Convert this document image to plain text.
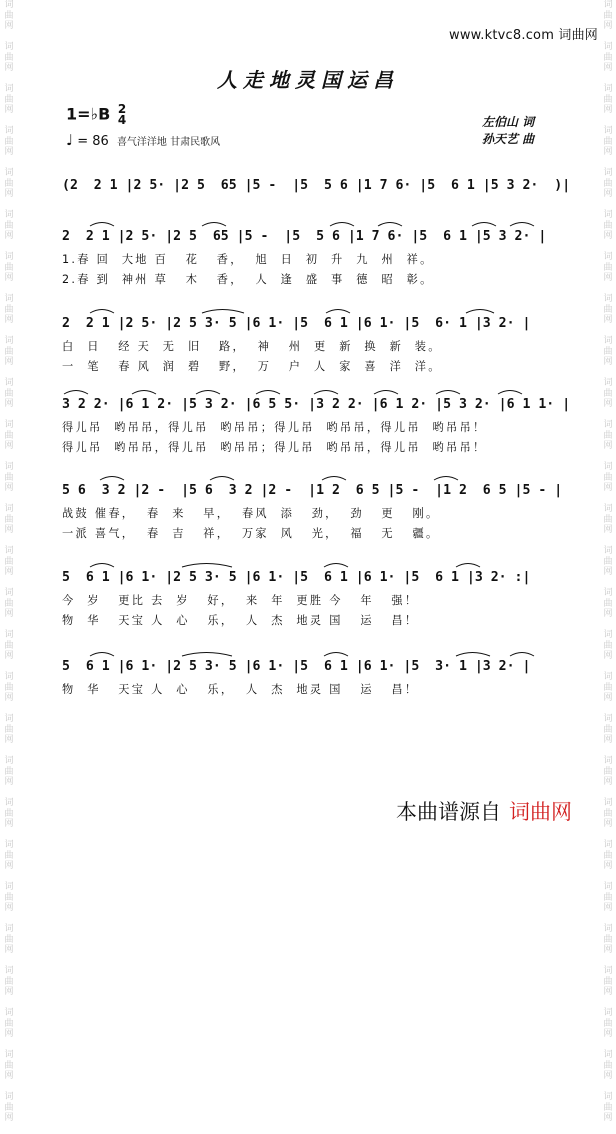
词
曲
网

词
曲
网

词
曲
网

词
曲
网

词
曲
网

词
曲
网

词
曲
网

词
曲
网

词
曲
网

词
曲
网

词
曲
网

词
曲
网

词
曲
网

词
曲
网

词
曲
网

词
曲
网

词
曲
网

词
曲
网

词
曲
网

词
曲
网

词
曲
网

词
曲
网

词
曲
网

词
曲
网

词
曲
网

词
曲
网

词
曲
网

词
曲
网

词
曲
网

词
曲
网

词
曲
网

词
曲
网

词
曲
网

词
曲
网

词
曲
网

词
曲
网

词
曲
网

词
曲
网

词
曲
网

词
曲
网

词
曲
网

词
曲
网

词
曲
网

词
曲
网

词
曲
网

词
曲
网

词
曲
网

词
曲
网

词
曲
网

词
曲
网

词
曲
网

词
曲
网

词
曲
网

词
曲
网

www.ktvc8.com 词曲网
人走地灵国运昌
1=♭B 2
4
♩ = 86 喜气洋洋地 甘肃民歌风
左伯山 词
孙天艺 曲
(2  2 1 |2 5· |2 5  65 |5 -  |5  5 6 |1 7 6· |5  6 1 |5 3 2·  )|
2  2 1 |2 5· |2 5  65 |5 -  |5  5 6 |1 7 6· |5  6 1 |5 3 2· |
1.春 回  大地 百   花   香，  旭  日  初  升  九  州  祥。
2.春 到  神州 草   木   香，  人  逢  盛  事  德  昭  彰。
2  2 1 |2 5· |2 5 3· 5 |6 1· |5  6 1 |6 1· |5  6· 1 |3 2· |
白  日   经 天  无  旧   路，  神   州  更  新  换  新  装。
一  笔   春 风  润  碧   野，  万   户  人  家  喜  洋  洋。
3 2 2· |6 1 2· |5 3 2· |6 5 5· |3 2 2· |6 1 2· |5 3 2· |6 1 1· |
得儿吊  哟吊吊，得儿吊  哟吊吊；得儿吊  哟吊吊，得儿吊  哟吊吊！
得儿吊  哟吊吊，得儿吊  哟吊吊；得儿吊  哟吊吊，得儿吊  哟吊吊！
5 6  3 2 |2 -  |5 6  3 2 |2 -  |1 2  6 5 |5 -  |1 2  6 5 |5 - |
战鼓 催春，  春  来   早，  春风  添   劲，  劲   更   刚。
一派 喜气，  春  吉   祥，  万家  风   光，  福   无   疆。
5  6 1 |6 1· |2 5 3· 5 |6 1· |5  6 1 |6 1· |5  6 1 |3 2· :|
今  岁   更比 去  岁   好，  来  年  更胜 今   年   强！
物  华   天宝 人  心   乐，  人  杰  地灵 国   运   昌！
5  6 1 |6 1· |2 5 3· 5 |6 1· |5  6 1 |6 1· |5  3· 1 |3 2· |
物  华   天宝 人  心   乐，  人  杰  地灵 国   运   昌！
本曲谱源自 词曲网
